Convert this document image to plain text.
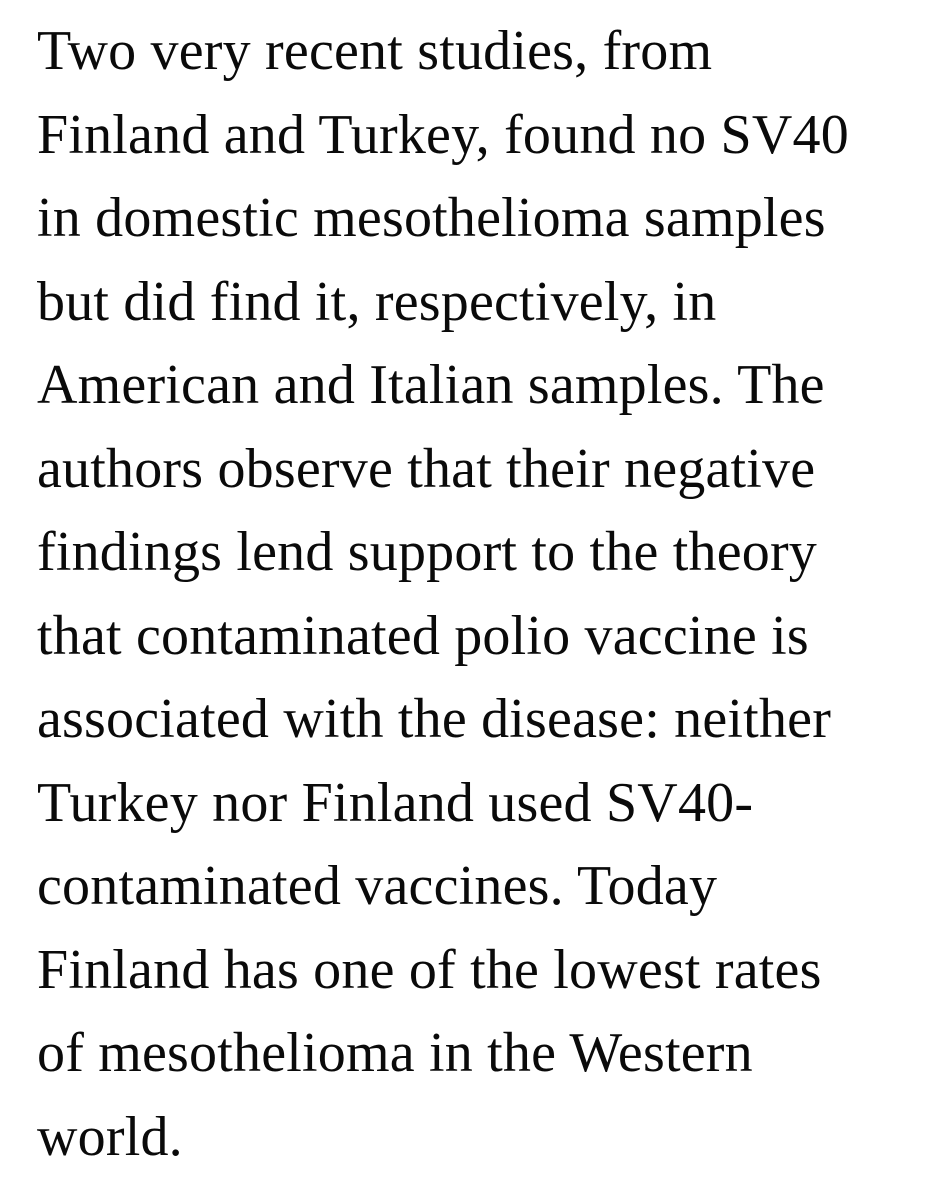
Two very recent studies, from
Finland and Turkey, found no SV40
in domestic mesothelioma samples
but did find it, respectively, in
American and Italian samples. The
authors observe that their negative
findings lend support to the theory
that contaminated polio vaccine is
associated with the disease: neither
Turkey nor Finland used SV40-
contaminated vaccines. Today
Finland has one of the lowest rates
of mesothelioma in the Western
world.
